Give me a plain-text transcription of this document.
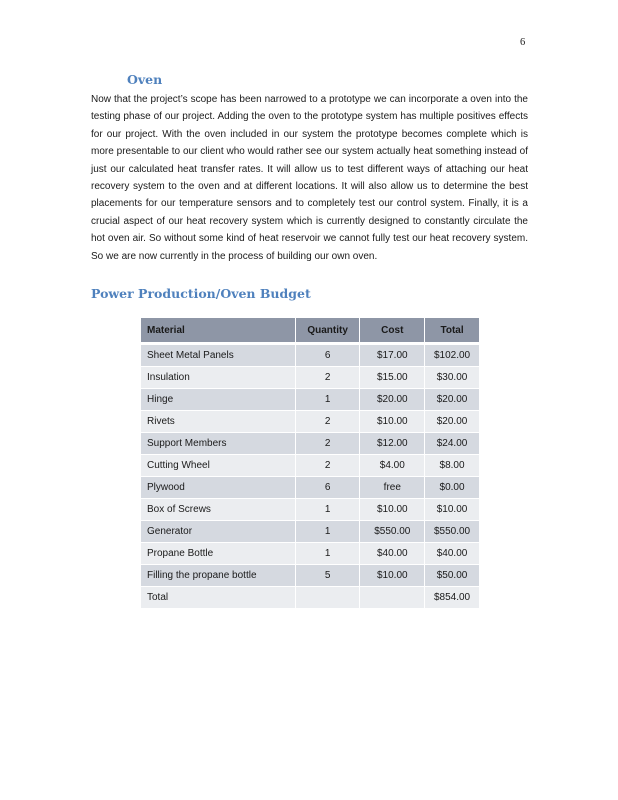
6
Oven

Now that the project’s scope has been narrowed to a prototype we can incorporate a oven into the testing phase of our project. Adding the oven to the prototype system has multiple positives effects for our project. With the oven included in our system the prototype becomes complete which is more presentable to our client who would rather see our system actually heat something instead of just our calculated heat transfer rates. It will allow us to test different ways of attaching our heat recovery system to the oven and at different locations. It will also allow us to determine the best placements for our temperature sensors and to completely test our control system. Finally, it is a crucial aspect of our heat recovery system which is currently designed to constantly circulate the hot oven air. So without some kind of heat reservoir we cannot fully test our heat recovery system. So we are now currently in the process of building our own oven.

Power Production/Oven Budget
Material	Quantity	Cost	Total
Sheet Metal Panels	6	$17.00	$102.00
Insulation	2	$15.00	$30.00
Hinge	1	$20.00	$20.00
Rivets	2	$10.00	$20.00
Support Members	2	$12.00	$24.00
Cutting Wheel	2	$4.00	$8.00
Plywood	6	free	$0.00
Box of Screws	1	$10.00	$10.00
Generator	1	$550.00	$550.00
Propane Bottle	1	$40.00	$40.00
Filling the propane bottle	5	$10.00	$50.00
Total			$854.00
